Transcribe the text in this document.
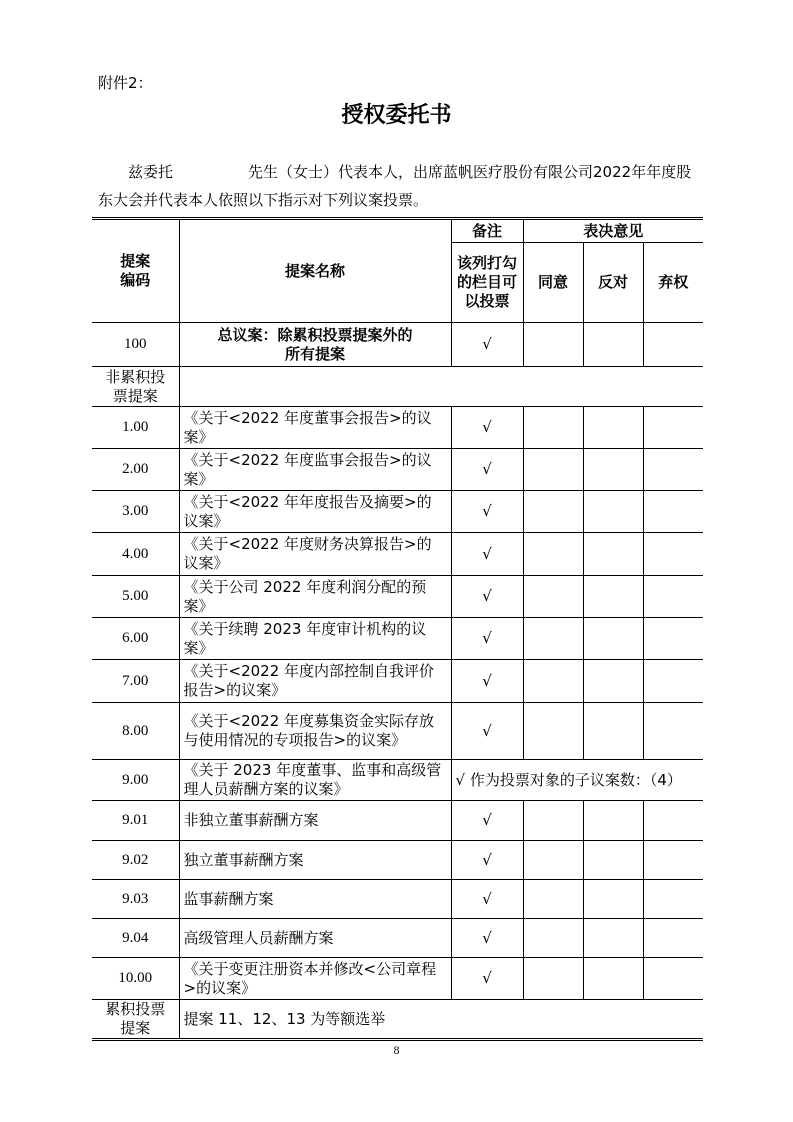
附件2：
授权委托书
兹委托	先生（女士）代表本人，出席蓝帆医疗股份有限公司2022年年度股东大会并代表本人依照以下指示对下列议案投票。
提案编码	提案名称	备注	表决意见		

		该列打勾的栏目可以投票	同意	反对	弃权
100	总议案：除累积投票提案外的所有提案	√			

非累积投票提案					

1.00	《关于<2022 年度董事会报告>的议案》	√			
2.00	《关于<2022 年度监事会报告>的议案》	√			
3.00	《关于<2022 年年度报告及摘要>的议案》	√			
4.00	《关于<2022 年度财务决算报告>的议案》	√			
5.00	《关于公司 2022 年度利润分配的预案》	√			
6.00	《关于续聘 2023 年度审计机构的议案》	√			
7.00	《关于<2022 年度内部控制自我评价报告>的议案》	√			
8.00	《关于<2022 年度募集资金实际存放与使用情况的专项报告>的议案》	√			
9.00	《关于 2023 年度董事、监事和高级管理人员薪酬方案的议案》	√ 作为投票对象的子议案数：（4）			
9.01	非独立董事薪酬方案	√			
9.02	独立董事薪酬方案	√			
9.03	监事薪酬方案	√			
9.04	高级管理人员薪酬方案	√			
10.00	《关于变更注册资本并修改<公司章程>的议案》	√			

累积投票提案	提案 11、12、13 为等额选举				
8
